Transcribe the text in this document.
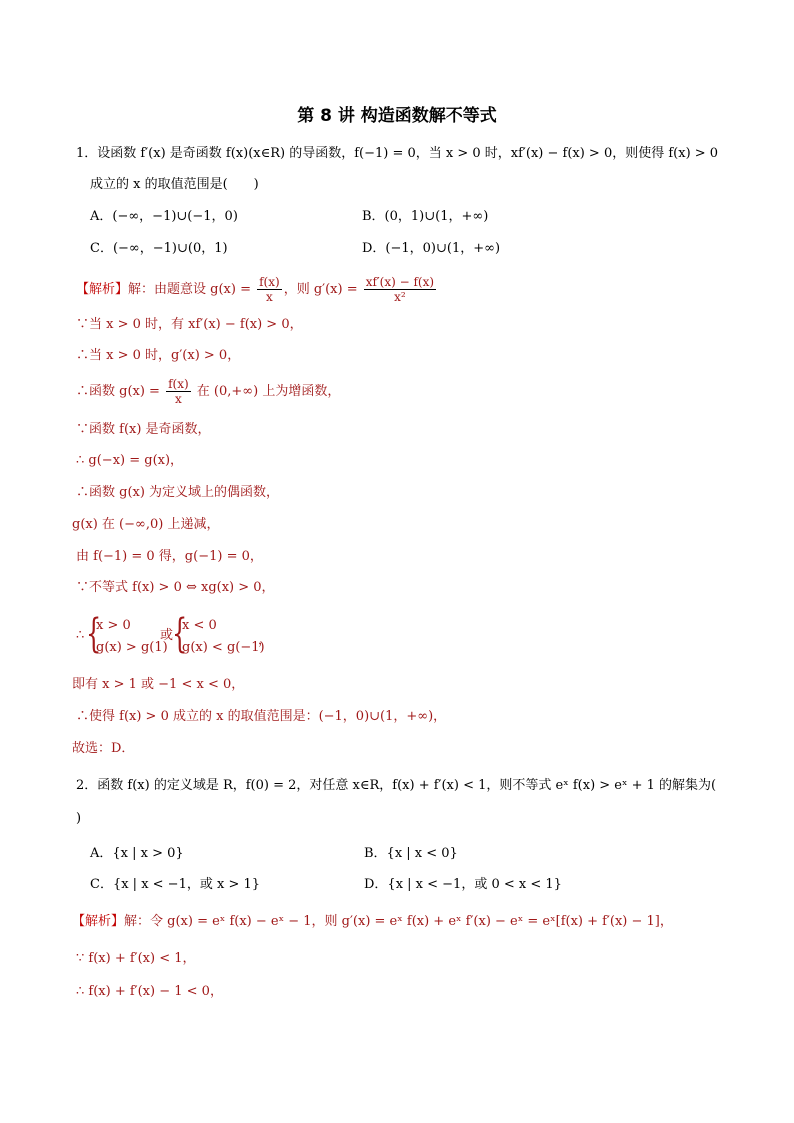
第 8 讲 构造函数解不等式
1．设函数 f′(x) 是奇函数 f(x)(x∈R) 的导函数，f(−1) = 0，当 x > 0 时，xf′(x) − f(x) > 0，则使得 f(x) > 0
成立的 x 的取值范围是(　　)
A．(−∞，−1)∪(−1，0)	B．(0，1)∪(1，+∞)
C．(−∞，−1)∪(0，1)	D．(−1，0)∪(1，+∞)
【解析】解：由题意设 $g(x) = \frac{f(x)}{x}$ ，则 $g'(x) = \frac{xf'(x) - f(x)}{\text{x²}}$
∵当 x > 0 时，有 xf′(x) − f(x) > 0，
∴当 x > 0 时，g′(x) > 0，
∴函数 $g(x) = \frac{f(x)}{x}$ 在 (0,+∞) 上为增函数，
∵函数 f(x) 是奇函数，
∴ g(−x) = g(x)，
∴函数 g(x) 为定义域上的偶函数，
g(x) 在 (−∞,0) 上递减，
由 f(−1) = 0 得，g(−1) = 0，
∵不等式 f(x) > 0 ⇔ xg(x) > 0，
∴ {
x > 0
g(x) > g(1)
或
{
x < 0
g(x) < g(−1)
，
即有 x > 1 或 −1 < x < 0，
∴使得 f(x) > 0 成立的 x 的取值范围是：(−1，0)∪(1，+∞)，
故选：D．
2．函数 f(x) 的定义域是 R，f(0) = 2，对任意 x∈R，f(x) + f′(x) < 1，则不等式 eˣ f(x) > eˣ + 1 的解集为(
)
A．{x | x > 0}	B．{x | x < 0}
C．{x | x < −1，或 x > 1}	D．{x | x < −1，或 0 < x < 1}
【解析】解：令 g(x) = eˣ f(x) − eˣ − 1，则 g′(x) = eˣ f(x) + eˣ f′(x) − eˣ = eˣ[f(x) + f′(x) − 1]，
∵ f(x) + f′(x) < 1，
∴ f(x) + f′(x) − 1 < 0，
